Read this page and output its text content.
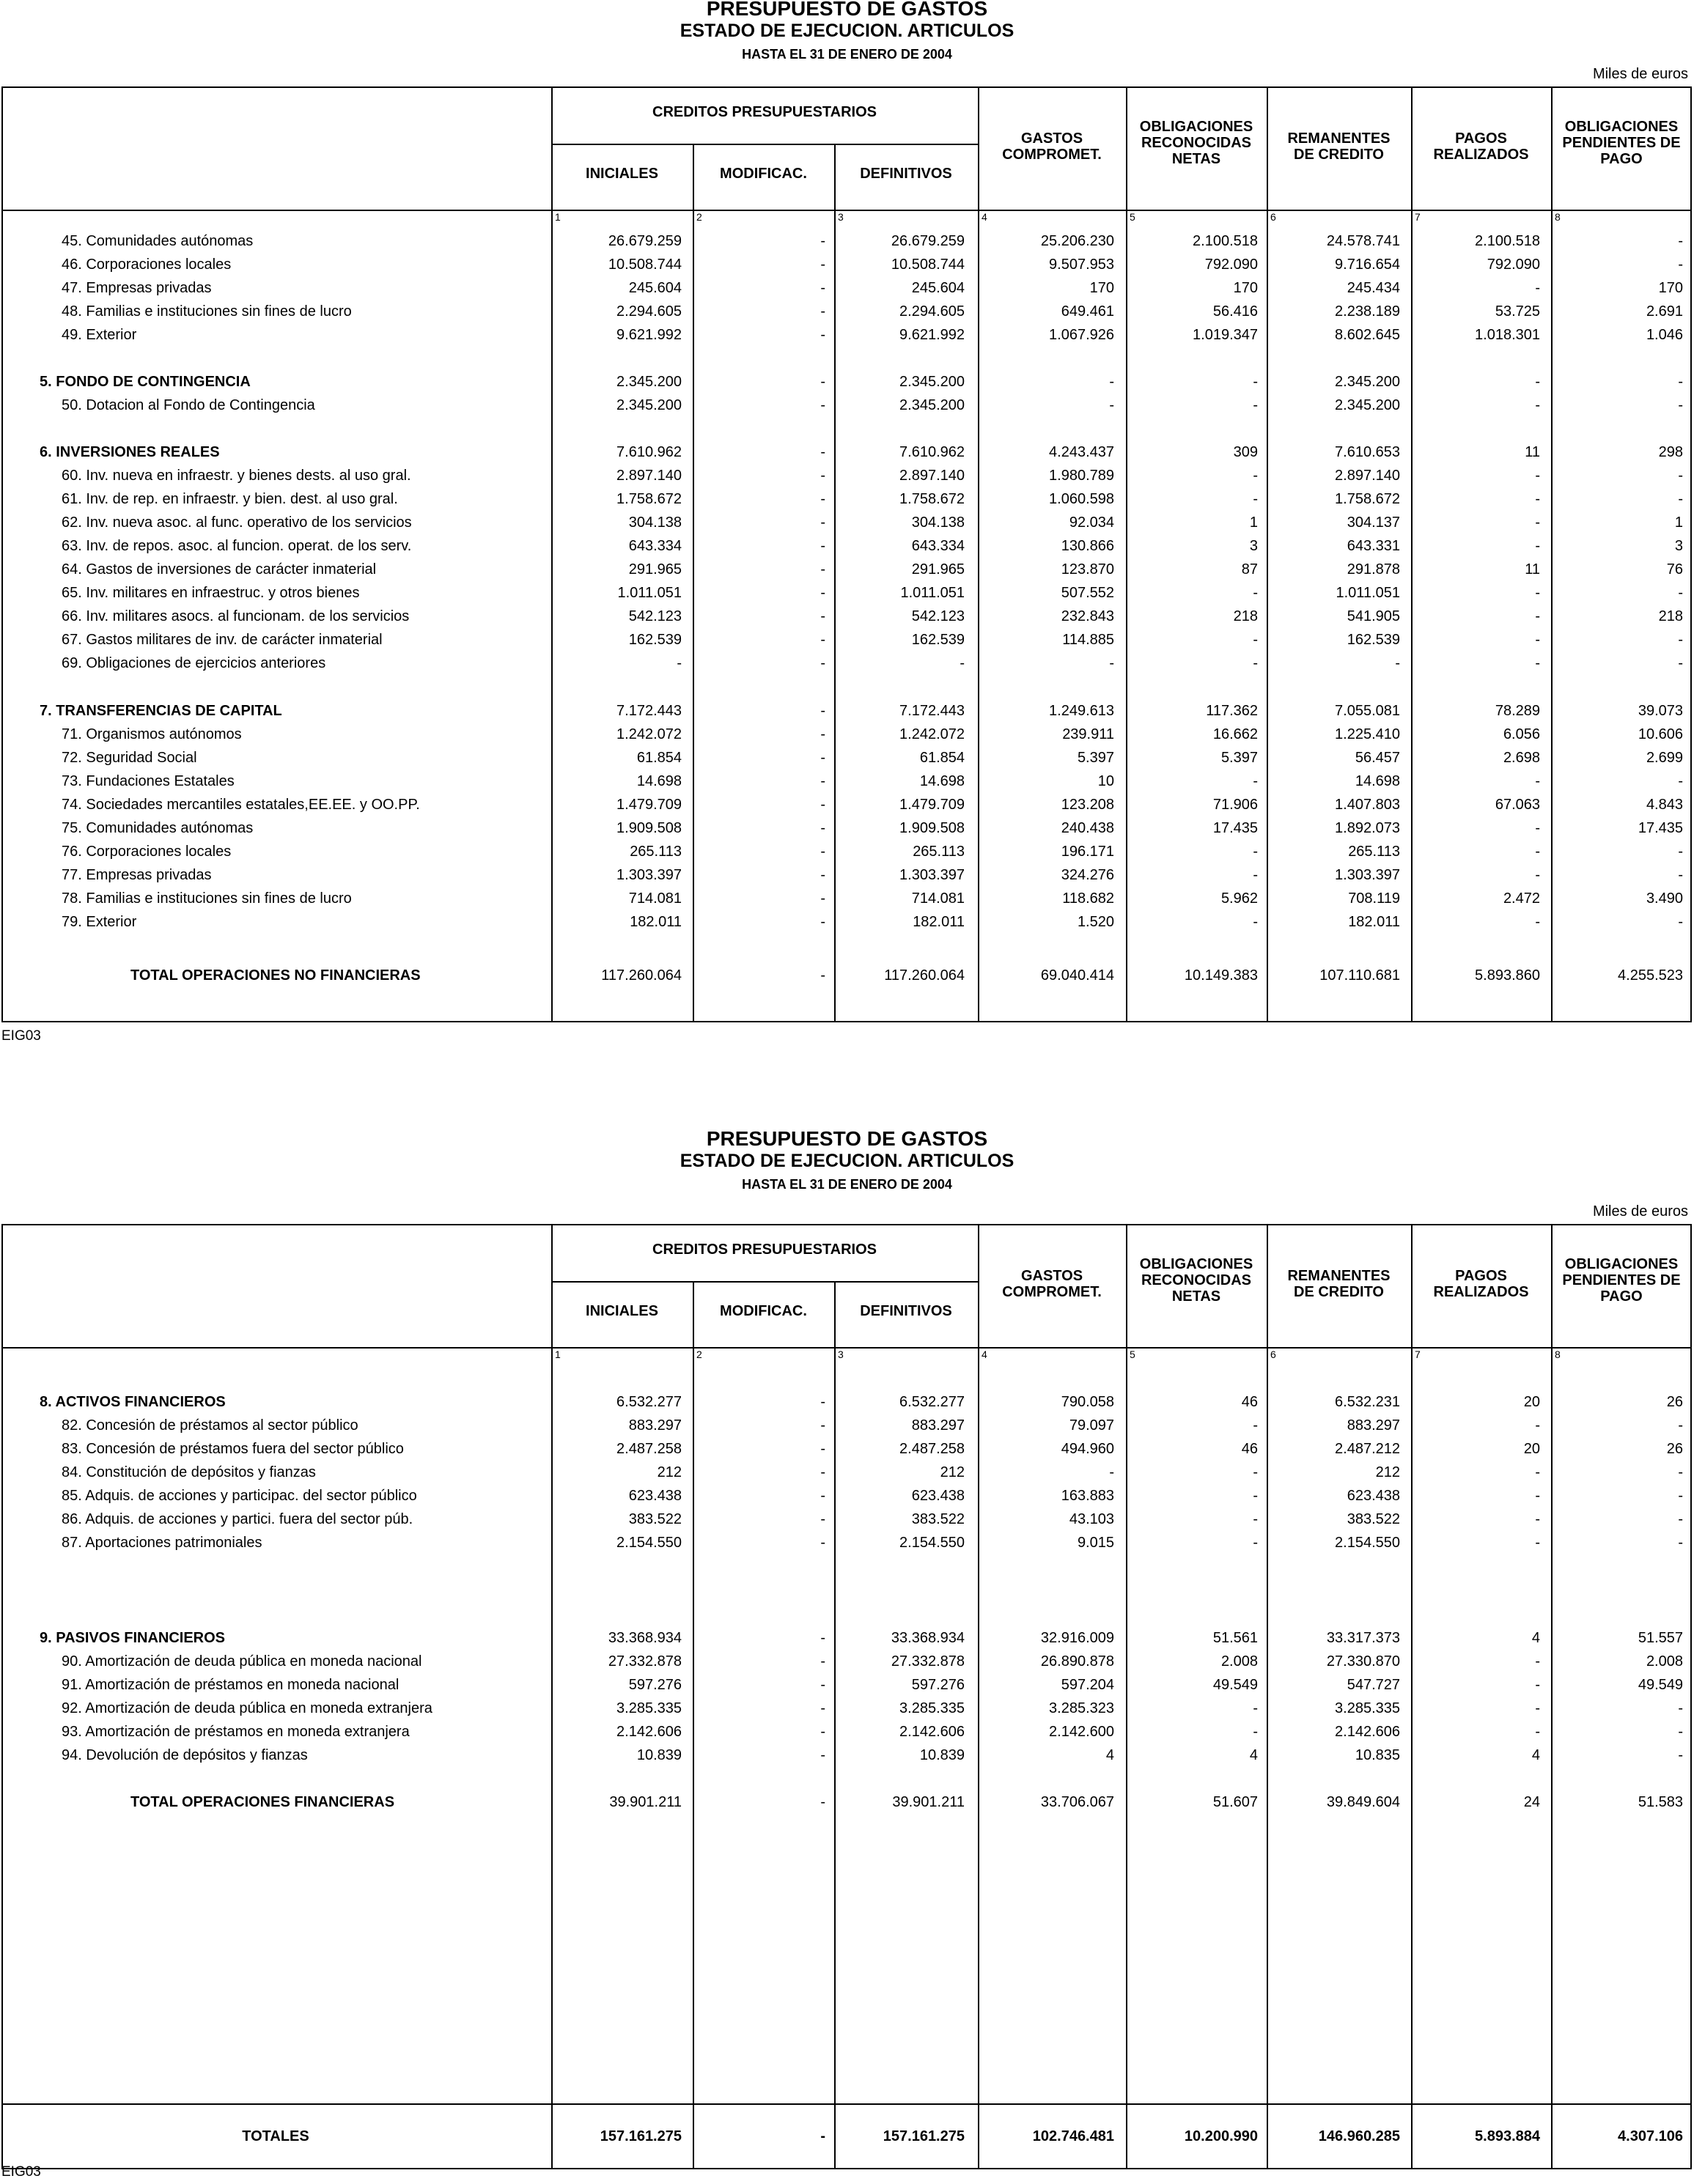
PRESUPUESTO DE GASTOS
ESTADO DE EJECUCION. ARTICULOS
HASTA EL 31 DE ENERO DE 2004
Miles de euros
CREDITOS PRESUPUESTARIOS
INICIALES	MODIFICAC.	DEFINITIVOS
GASTOS
COMPROMET.
OBLIGACIONES
RECONOCIDAS
NETAS
REMANENTES
DE CREDITO
PAGOS
REALIZADOS
OBLIGACIONES
PENDIENTES DE
PAGO
1	2	3	4	5	6	7	8
45. Comunidades autónomas	26.679.259	-	26.679.259	25.206.230	2.100.518	24.578.741	2.100.518	-
46. Corporaciones locales	10.508.744	-	10.508.744	9.507.953	792.090	9.716.654	792.090	-
47. Empresas privadas	245.604	-	245.604	170	170	245.434	-	170
48. Familias e instituciones sin fines de lucro	2.294.605	-	2.294.605	649.461	56.416	2.238.189	53.725	2.691
49. Exterior	9.621.992	-	9.621.992	1.067.926	1.019.347	8.602.645	1.018.301	1.046
5. FONDO DE CONTINGENCIA	2.345.200	-	2.345.200	-	-	2.345.200	-	-
50. Dotacion al Fondo de Contingencia	2.345.200	-	2.345.200	-	-	2.345.200	-	-
6. INVERSIONES REALES	7.610.962	-	7.610.962	4.243.437	309	7.610.653	11	298
60. Inv. nueva en infraestr. y bienes dests. al uso gral.	2.897.140	-	2.897.140	1.980.789	-	2.897.140	-	-
61. Inv. de rep. en infraestr. y bien. dest. al uso gral.	1.758.672	-	1.758.672	1.060.598	-	1.758.672	-	-
62. Inv. nueva asoc. al func. operativo de los servicios	304.138	-	304.138	92.034	1	304.137	-	1
63. Inv. de repos. asoc. al funcion. operat. de los serv.	643.334	-	643.334	130.866	3	643.331	-	3
64. Gastos de inversiones de carácter inmaterial	291.965	-	291.965	123.870	87	291.878	11	76
65. Inv. militares en infraestruc. y otros bienes	1.011.051	-	1.011.051	507.552	-	1.011.051	-	-
66. Inv. militares asocs. al funcionam. de los servicios	542.123	-	542.123	232.843	218	541.905	-	218
67. Gastos militares de inv. de carácter inmaterial	162.539	-	162.539	114.885	-	162.539	-	-
69. Obligaciones de ejercicios anteriores	-	-	-	-	-	-	-	-
7. TRANSFERENCIAS DE CAPITAL	7.172.443	-	7.172.443	1.249.613	117.362	7.055.081	78.289	39.073
71. Organismos autónomos	1.242.072	-	1.242.072	239.911	16.662	1.225.410	6.056	10.606
72. Seguridad Social	61.854	-	61.854	5.397	5.397	56.457	2.698	2.699
73. Fundaciones Estatales	14.698	-	14.698	10	-	14.698	-	-
74. Sociedades mercantiles estatales,EE.EE. y OO.PP.	1.479.709	-	1.479.709	123.208	71.906	1.407.803	67.063	4.843
75. Comunidades autónomas	1.909.508	-	1.909.508	240.438	17.435	1.892.073	-	17.435
76. Corporaciones locales	265.113	-	265.113	196.171	-	265.113	-	-
77. Empresas privadas	1.303.397	-	1.303.397	324.276	-	1.303.397	-	-
78. Familias e instituciones sin fines de lucro	714.081	-	714.081	118.682	5.962	708.119	2.472	3.490
79. Exterior	182.011	-	182.011	1.520	-	182.011	-	-
TOTAL OPERACIONES NO FINANCIERAS	117.260.064	-	117.260.064	69.040.414	10.149.383	107.110.681	5.893.860	4.255.523
EIG03
PRESUPUESTO DE GASTOS
ESTADO DE EJECUCION. ARTICULOS
HASTA EL 31 DE ENERO DE 2004
Miles de euros
CREDITOS PRESUPUESTARIOS
INICIALES	MODIFICAC.	DEFINITIVOS
GASTOS
COMPROMET.
OBLIGACIONES
RECONOCIDAS
NETAS
REMANENTES
DE CREDITO
PAGOS
REALIZADOS
OBLIGACIONES
PENDIENTES DE
PAGO
1	2	3	4	5	6	7	8
8. ACTIVOS FINANCIEROS	6.532.277	-	6.532.277	790.058	46	6.532.231	20	26
82. Concesión de préstamos al sector público	883.297	-	883.297	79.097	-	883.297	-	-
83. Concesión de préstamos fuera del sector público	2.487.258	-	2.487.258	494.960	46	2.487.212	20	26
84. Constitución de depósitos y fianzas	212	-	212	-	-	212	-	-
85. Adquis. de acciones y participac. del sector público	623.438	-	623.438	163.883	-	623.438	-	-
86. Adquis. de acciones y partici. fuera del sector púb.	383.522	-	383.522	43.103	-	383.522	-	-
87. Aportaciones patrimoniales	2.154.550	-	2.154.550	9.015	-	2.154.550	-	-
9. PASIVOS FINANCIEROS	33.368.934	-	33.368.934	32.916.009	51.561	33.317.373	4	51.557
90. Amortización de deuda pública en moneda nacional	27.332.878	-	27.332.878	26.890.878	2.008	27.330.870	-	2.008
91. Amortización de préstamos en moneda nacional	597.276	-	597.276	597.204	49.549	547.727	-	49.549
92. Amortización de deuda pública en moneda extranjera	3.285.335	-	3.285.335	3.285.323	-	3.285.335	-	-
93. Amortización de préstamos en moneda extranjera	2.142.606	-	2.142.606	2.142.600	-	2.142.606	-	-
94. Devolución de depósitos y fianzas	10.839	-	10.839	4	4	10.835	4	-
TOTAL OPERACIONES FINANCIERAS	39.901.211	-	39.901.211	33.706.067	51.607	39.849.604	24	51.583
TOTALES	157.161.275	-	157.161.275	102.746.481	10.200.990	146.960.285	5.893.884	4.307.106
EIG03
